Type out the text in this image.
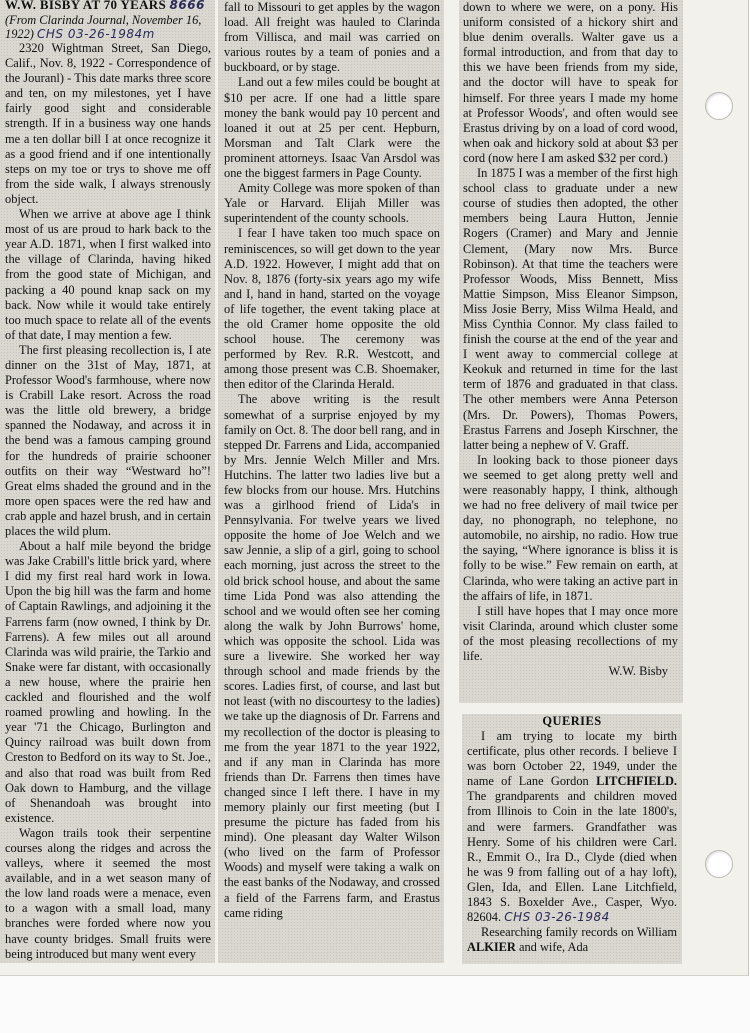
W.W. BISBY AT 70 YEARS 8666
(From Clarinda Journal, November 16, 1922) CHS 03-26-1984m

2320 Wightman Street, San Diego, Calif., Nov. 8, 1922 - Correspondence of the Jouranl) - This date marks three score and ten, on my milestones, yet I have fairly good sight and considerable strength. If in a business way one hands me a ten dollar bill I at once recognize it as a good friend and if one intentionally steps on my toe or trys to shove me off from the side walk, I always strenously object.

When we arrive at above age I think most of us are proud to hark back to the year A.D. 1871, when I first walked into the village of Clarinda, having hiked from the good state of Michigan, and packing a 40 pound knap sack on my back. Now while it would take entirely too much space to relate all of the events of that date, I may mention a few.

The first pleasing recollection is, I ate dinner on the 31st of May, 1871, at Professor Wood's farmhouse, where now is Crabill Lake resort. Across the road was the little old brewery, a bridge spanned the Nodaway, and across it in the bend was a famous camping ground for the hundreds of prairie schooner outfits on their way “Westward ho”! Great elms shaded the ground and in the more open spaces were the red haw and crab apple and hazel brush, and in certain places the wild plum.

About a half mile beyond the bridge was Jake Crabill's little brick yard, where I did my first real hard work in Iowa. Upon the big hill was the farm and home of Captain Rawlings, and adjoining it the Farrens farm (now owned, I think by Dr. Farrens). A few miles out all around Clarinda was wild prairie, the Tarkio and Snake were far distant, with occasionally a new house, where the prairie hen cackled and flourished and the wolf roamed prowling and howling. In the year '71 the Chicago, Burlington and Quincy railroad was built down from Creston to Bedford on its way to St. Joe., and also that road was built from Red Oak down to Hamburg, and the village of Shenandoah was brought into existence.

Wagon trails took their serpentine courses along the ridges and across the valleys, where it seemed the most available, and in a wet season many of the low land roads were a menace, even to a wagon with a small load, many branches were forded where now you have county bridges. Small fruits were being introduced but many went every

fall to Missouri to get apples by the wagon load. All freight was hauled to Clarinda from Villisca, and mail was carried on various routes by a team of ponies and a buckboard, or by stage.

Land out a few miles could be bought at $10 per acre. If one had a little spare money the bank would pay 10 percent and loaned it out at 25 per cent. Hepburn, Morsman and Talt Clark were the prominent attorneys. Isaac Van Arsdol was one the biggest farmers in Page County.

Amity College was more spoken of than Yale or Harvard. Elijah Miller was superintendent of the county schools.

I fear I have taken too much space on reminiscences, so will get down to the year A.D. 1922. However, I might add that on Nov. 8, 1876 (forty-six years ago my wife and I, hand in hand, started on the voyage of life together, the event taking place at the old Cramer home opposite the old school house. The ceremony was performed by Rev. R.R. Westcott, and among those present was C.B. Shoemaker, then editor of the Clarinda Herald.

The above writing is the result somewhat of a surprise enjoyed by my family on Oct. 8. The door bell rang, and in stepped Dr. Farrens and Lida, accompanied by Mrs. Jennie Welch Miller and Mrs. Hutchins. The latter two ladies live but a few blocks from our house. Mrs. Hutchins was a girlhood friend of Lida's in Pennsylvania. For twelve years we lived opposite the home of Joe Welch and we saw Jennie, a slip of a girl, going to school each morning, just across the street to the old brick school house, and about the same time Lida Pond was also attending the school and we would often see her coming along the walk by John Burrows' home, which was opposite the school. Lida was sure a livewire. She worked her way through school and made friends by the scores. Ladies first, of course, and last but not least (with no discourtesy to the ladies) we take up the diagnosis of Dr. Farrens and my recollection of the doctor is pleasing to me from the year 1871 to the year 1922, and if any man in Clarinda has more friends than Dr. Farrens then times have changed since I left there. I have in my memory plainly our first meeting (but I presume the picture has faded from his mind). One pleasant day Walter Wilson (who lived on the farm of Professor Woods) and myself were taking a walk on the east banks of the Nodaway, and crossed a field of the Farrens farm, and Erastus came riding

down to where we were, on a pony. His uniform consisted of a hickory shirt and blue denim overalls. Walter gave us a formal introduction, and from that day to this we have been friends from my side, and the doctor will have to speak for himself. For three years I made my home at Professor Woods', and often would see Erastus driving by on a load of cord wood, when oak and hickory sold at about $3 per cord (now here I am asked $32 per cord.)

In 1875 I was a member of the first high school class to graduate under a new course of studies then adopted, the other members being Laura Hutton, Jennie Rogers (Cramer) and Mary and Jennie Clement, (Mary now Mrs. Burce Robinson). At that time the teachers were Professor Woods, Miss Bennett, Miss Mattie Simpson, Miss Eleanor Simpson, Miss Josie Berry, Miss Wilma Heald, and Miss Cynthia Connor. My class failed to finish the course at the end of the year and I went away to commercial college at Keokuk and returned in time for the last term of 1876 and graduated in that class. The other members were Anna Peterson (Mrs. Dr. Powers), Thomas Powers, Erastus Farrens and Joseph Kirschner, the latter being a nephew of V. Graff.

In looking back to those pioneer days we seemed to get along pretty well and were reasonably happy, I think, although we had no free delivery of mail twice per day, no phonograph, no telephone, no automobile, no airship, no radio. How true the saying, “Where ignorance is bliss it is folly to be wise.” Few remain on earth, at Clarinda, who were taking an active part in the affairs of life, in 1871.

I still have hopes that I may once more visit Clarinda, around which cluster some of the most pleasing recollections of my life.

W.W. Bisby
QUERIES

I am trying to locate my birth certificate, plus other records. I believe I was born October 22, 1949, under the name of Lane Gordon LITCHFIELD. The grandparents and children moved from Illinois to Coin in the late 1800's, and were farmers. Grandfather was Henry. Some of his children were Carl. R., Emmit O., Ira D., Clyde (died when he was 9 from falling out of a hay loft), Glen, Ida, and Ellen. Lane Litchfield, 1843 S. Boxelder Ave., Casper, Wyo. 82604. CHS 03-26-1984

Researching family records on William ALKIER and wife, Ada
